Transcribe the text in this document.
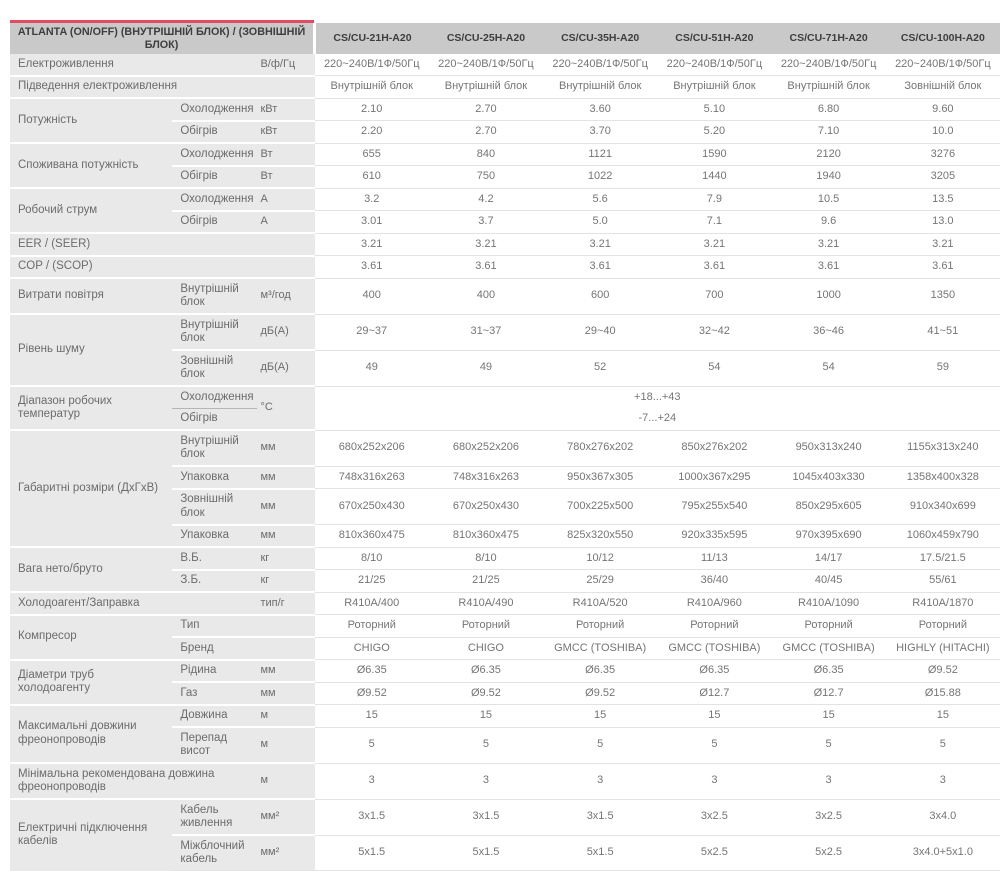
ATLANTA (ON/OFF) (ВНУТРІШНІЙ БЛОК) / (ЗОВНІШНІЙ БЛОК)			CS/CU-21H-A20	CS/CU-25H-A20	CS/CU-35H-A20	CS/CU-51H-A20	CS/CU-71H-A20	CS/CU-100H-A20
Електроживлення		В/ф/Гц	220~240В/1Ф/50Гц	220~240В/1Ф/50Гц	220~240В/1Ф/50Гц	220~240В/1Ф/50Гц	220~240В/1Ф/50Гц	220~240В/1Ф/50Гц
Підведення електроживлення			Внутрішній блок	Внутрішній блок	Внутрішній блок	Внутрішній блок	Внутрішній блок	Зовнішній блок
Потужність	Охолодження	кВт	2.10	2.70	3.60	5.10	6.80	9.60
	Обігрів	кВт	2.20	2.70	3.70	5.20	7.10	10.0
Споживана потужність	Охолодження	Вт	655	840	1121	1590	2120	3276
	Обігрів	Вт	610	750	1022	1440	1940	3205
Робочий струм	Охолодження	А	3.2	4.2	5.6	7.9	10.5	13.5
	Обігрів	А	3.01	3.7	5.0	7.1	9.6	13.0
EER / (SEER)			3.21	3.21	3.21	3.21	3.21	3.21
COP / (SCOP)			3.61	3.61	3.61	3.61	3.61	3.61
Витрати повітря	Внутрішній блок	м³/год	400	400	600	700	1000	1350
Рівень шуму	Внутрішній блок	дБ(А)	29~37	31~37	29~40	32~42	36~46	41~51
	Зовнішній блок	дБ(А)	49	49	52	54	54	59
Діапазон робочих температур	Охолодження	°C	+18...+43					
	Обігрів		-7...+24					
Габаритні розміри (ДхГхВ)	Внутрішній блок	мм	680x252x206	680x252x206	780x276x202	850x276x202	950x313x240	1155x313x240
	Упаковка	мм	748x316x263	748x316x263	950x367x305	1000x367x295	1045x403x330	1358x400x328
	Зовнішній блок	мм	670x250x430	670x250x430	700x225x500	795x255x540	850x295x605	910x340x699
	Упаковка	мм	810x360x475	810x360x475	825x320x550	920x335x595	970x395x690	1060x459x790
Вага нето/бруто	В.Б.	кг	8/10	8/10	10/12	11/13	14/17	17.5/21.5
	З.Б.	кг	21/25	21/25	25/29	36/40	40/45	55/61
Холодоагент/Заправка		тип/г	R410A/400	R410A/490	R410A/520	R410A/960	R410A/1090	R410A/1870
Компресор	Тип		Роторний	Роторний	Роторний	Роторний	Роторний	Роторний
	Бренд		CHIGO	CHIGO	GMCC (TOSHIBA)	GMCC (TOSHIBA)	GMCC (TOSHIBA)	HIGHLY (HITACHI)
Діаметри труб холодоагенту	Рідина	мм	Ø6.35	Ø6.35	Ø6.35	Ø6.35	Ø6.35	Ø9.52
	Газ	мм	Ø9.52	Ø9.52	Ø9.52	Ø12.7	Ø12.7	Ø15.88
Максимальні довжини фреонопроводів	Довжина	м	15	15	15	15	15	15
	Перепад висот	м	5	5	5	5	5	5
Мінімальна рекомендована довжина фреонопроводів		м	3	3	3	3	3	3
Електричні підключення кабелів	Кабель живлення	мм²	3x1.5	3x1.5	3x1.5	3x2.5	3x2.5	3x4.0
	Міжблочний кабель	мм²	5x1.5	5x1.5	5x1.5	5x2.5	5x2.5	3x4.0+5x1.0
